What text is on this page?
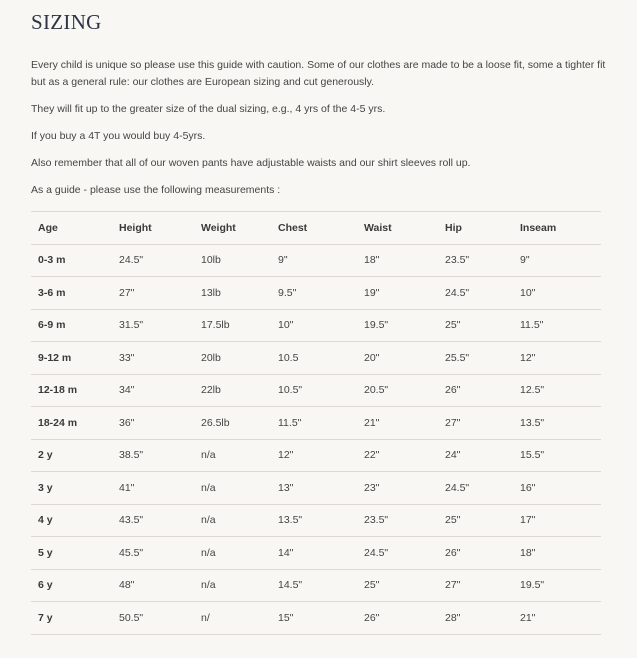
SIZING

Every child is unique so please use this guide with caution. Some of our clothes are made to be a loose fit, some a tighter fit but as a general rule: our clothes are European sizing and cut generously.

They will fit up to the greater size of the dual sizing, e.g., 4 yrs of the 4-5 yrs.

If you buy a 4T you would buy 4-5yrs.

Also remember that all of our woven pants have adjustable waists and our shirt sleeves roll up.

As a guide - please use the following measurements :

Age	Height	Weight	Chest	Waist	Hip	Inseam
0-3 m	24.5"	10lb	9"	18"	23.5"	9"
3-6 m	27"	13lb	9.5"	19"	24.5"	10"
6-9 m	31.5"	17.5lb	10"	19.5"	25"	11.5"
9-12 m	33"	20lb	10.5	20"	25.5"	12"
12-18 m	34"	22lb	10.5"	20.5"	26"	12.5"
18-24 m	36"	26.5lb	11.5"	21"	27"	13.5"
2 y	38.5"	n/a	12"	22"	24"	15.5"
3 y	41"	n/a	13"	23"	24.5"	16"
4 y	43.5"	n/a	13.5"	23.5"	25"	17"
5 y	45.5"	n/a	14"	24.5"	26"	18"
6 y	48"	n/a	14.5"	25"	27"	19.5"
7 y	50.5"	n/	15"	26"	28"	21"
